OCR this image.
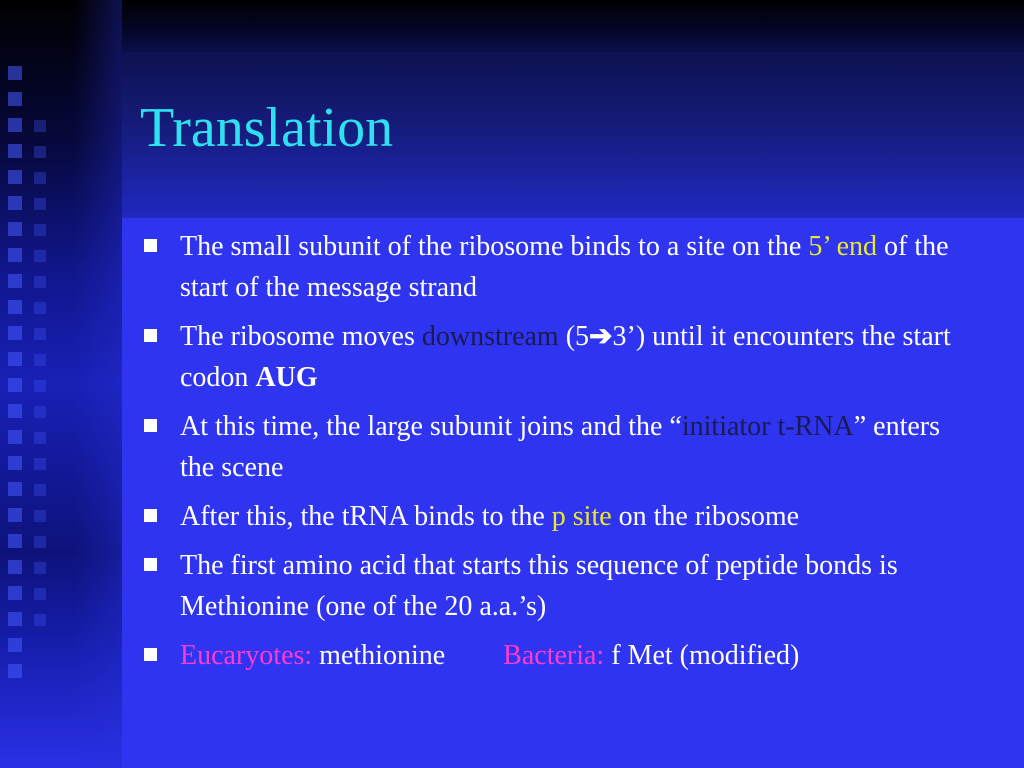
Translation
The small subunit of the ribosome binds to a site on the 5’ end of the start of the message strand
The ribosome moves downstream (5➔3’) until it encounters the start codon AUG
At this time, the large subunit joins and the “initiator t-RNA” enters the scene
After this, the tRNA binds to the p site on the ribosome
The first amino acid that starts this sequence of peptide bonds is Methionine (one of the 20 a.a.’s)
Eucaryotes: methionine Bacteria: f Met (modified)
